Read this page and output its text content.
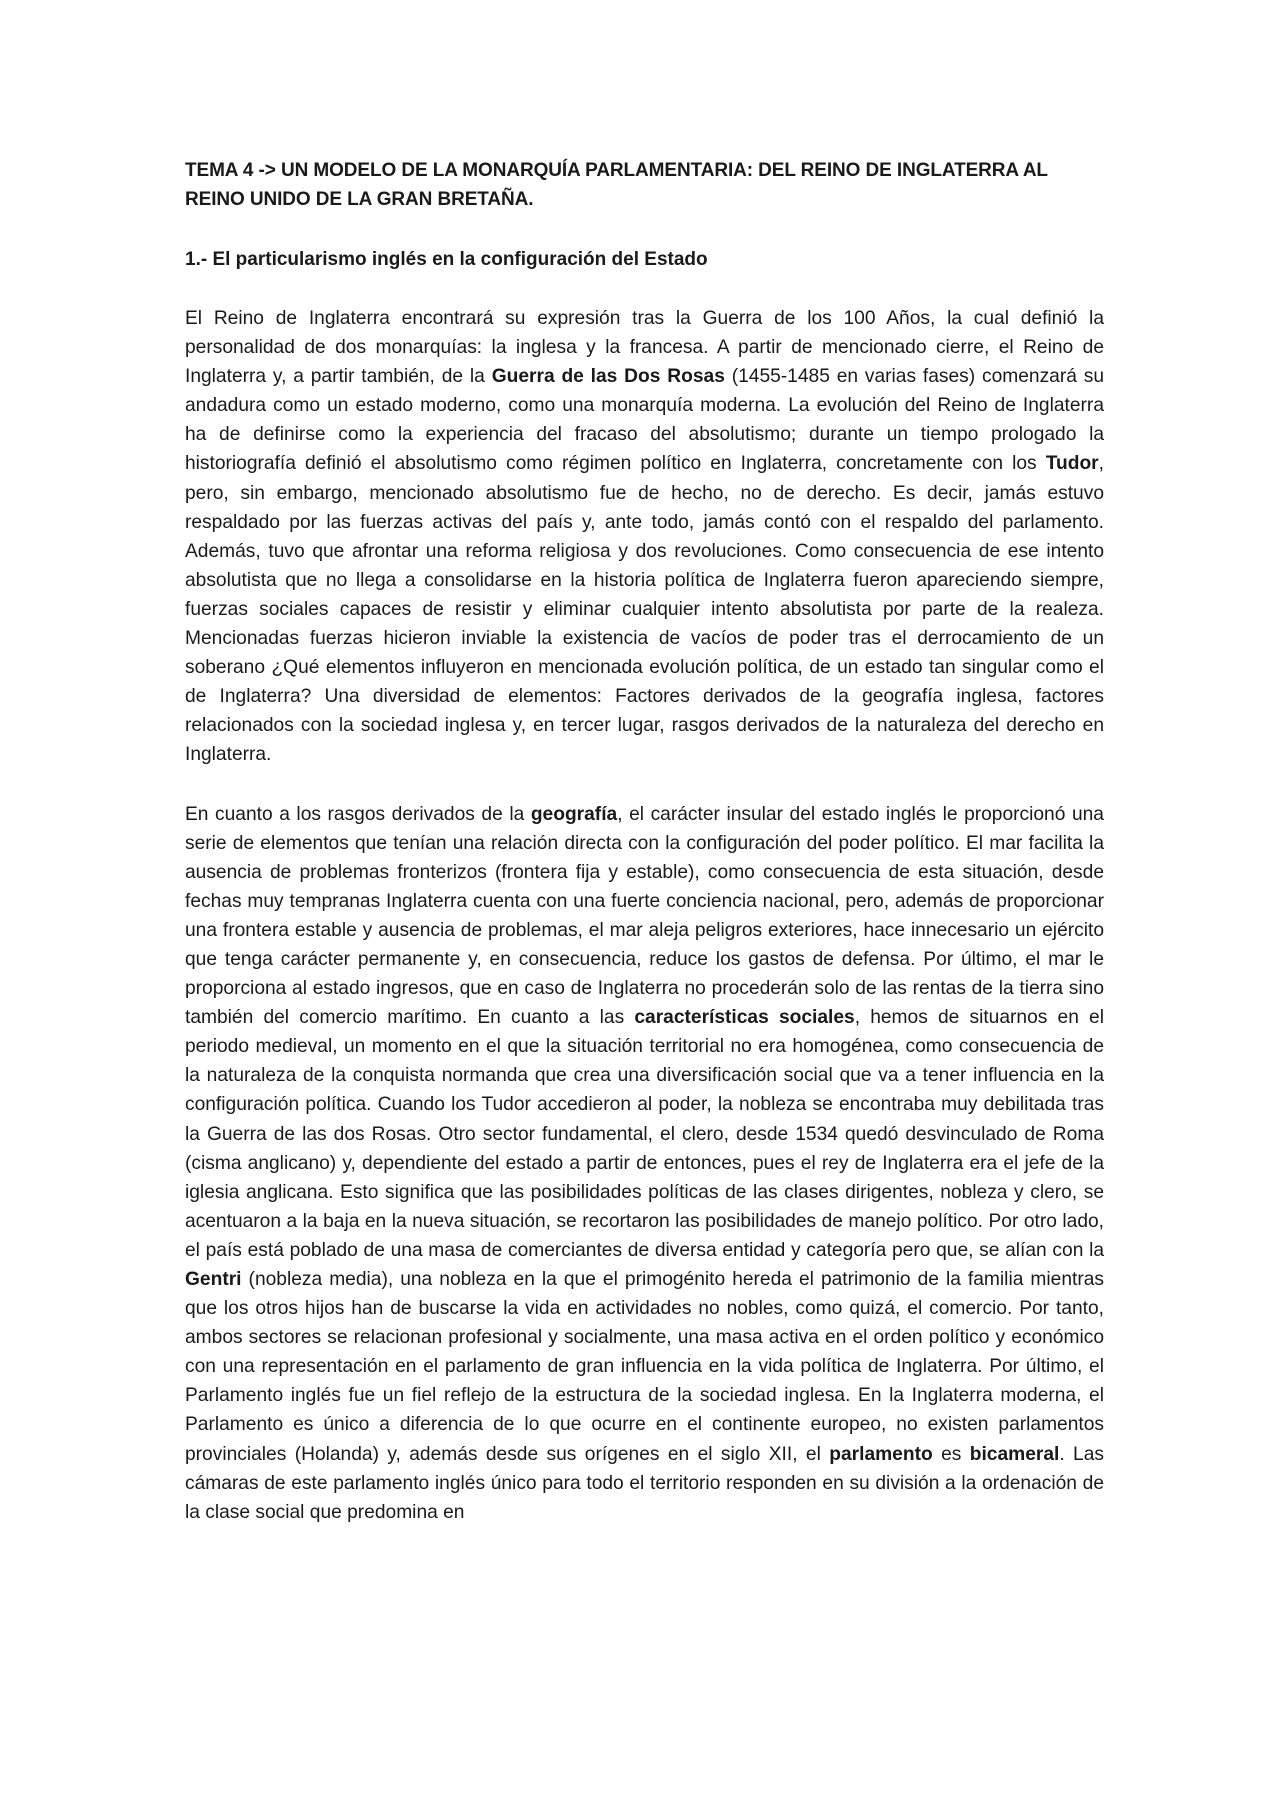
TEMA 4 -> UN MODELO DE LA MONARQUÍA PARLAMENTARIA: DEL REINO DE INGLATERRA AL REINO UNIDO DE LA GRAN BRETAÑA.

1.- El particularismo inglés en la configuración del Estado

El Reino de Inglaterra encontrará su expresión tras la Guerra de los 100 Años, la cual definió la personalidad de dos monarquías: la inglesa y la francesa. A partir de mencionado cierre, el Reino de Inglaterra y, a partir también, de la Guerra de las Dos Rosas (1455-1485 en varias fases) comenzará su andadura como un estado moderno, como una monarquía moderna. La evolución del Reino de Inglaterra ha de definirse como la experiencia del fracaso del absolutismo; durante un tiempo prologado la historiografía definió el absolutismo como régimen político en Inglaterra, concretamente con los Tudor, pero, sin embargo, mencionado absolutismo fue de hecho, no de derecho. Es decir, jamás estuvo respaldado por las fuerzas activas del país y, ante todo, jamás contó con el respaldo del parlamento. Además, tuvo que afrontar una reforma religiosa y dos revoluciones. Como consecuencia de ese intento absolutista que no llega a consolidarse en la historia política de Inglaterra fueron apareciendo siempre, fuerzas sociales capaces de resistir y eliminar cualquier intento absolutista por parte de la realeza. Mencionadas fuerzas hicieron inviable la existencia de vacíos de poder tras el derrocamiento de un soberano ¿Qué elementos influyeron en mencionada evolución política, de un estado tan singular como el de Inglaterra? Una diversidad de elementos: Factores derivados de la geografía inglesa, factores relacionados con la sociedad inglesa y, en tercer lugar, rasgos derivados de la naturaleza del derecho en Inglaterra.

En cuanto a los rasgos derivados de la geografía, el carácter insular del estado inglés le proporcionó una serie de elementos que tenían una relación directa con la configuración del poder político. El mar facilita la ausencia de problemas fronterizos (frontera fija y estable), como consecuencia de esta situación, desde fechas muy tempranas Inglaterra cuenta con una fuerte conciencia nacional, pero, además de proporcionar una frontera estable y ausencia de problemas, el mar aleja peligros exteriores, hace innecesario un ejército que tenga carácter permanente y, en consecuencia, reduce los gastos de defensa. Por último, el mar le proporciona al estado ingresos, que en caso de Inglaterra no procederán solo de las rentas de la tierra sino también del comercio marítimo. En cuanto a las características sociales, hemos de situarnos en el periodo medieval, un momento en el que la situación territorial no era homogénea, como consecuencia de la naturaleza de la conquista normanda que crea una diversificación social que va a tener influencia en la configuración política. Cuando los Tudor accedieron al poder, la nobleza se encontraba muy debilitada tras la Guerra de las dos Rosas. Otro sector fundamental, el clero, desde 1534 quedó desvinculado de Roma (cisma anglicano) y, dependiente del estado a partir de entonces, pues el rey de Inglaterra era el jefe de la iglesia anglicana. Esto significa que las posibilidades políticas de las clases dirigentes, nobleza y clero, se acentuaron a la baja en la nueva situación, se recortaron las posibilidades de manejo político. Por otro lado, el país está poblado de una masa de comerciantes de diversa entidad y categoría pero que, se alían con la Gentri (nobleza media), una nobleza en la que el primogénito hereda el patrimonio de la familia mientras que los otros hijos han de buscarse la vida en actividades no nobles, como quizá, el comercio. Por tanto, ambos sectores se relacionan profesional y socialmente, una masa activa en el orden político y económico con una representación en el parlamento de gran influencia en la vida política de Inglaterra. Por último, el Parlamento inglés fue un fiel reflejo de la estructura de la sociedad inglesa. En la Inglaterra moderna, el Parlamento es único a diferencia de lo que ocurre en el continente europeo, no existen parlamentos provinciales (Holanda) y, además desde sus orígenes en el siglo XII, el parlamento es bicameral. Las cámaras de este parlamento inglés único para todo el territorio responden en su división a la ordenación de la clase social que predomina en
